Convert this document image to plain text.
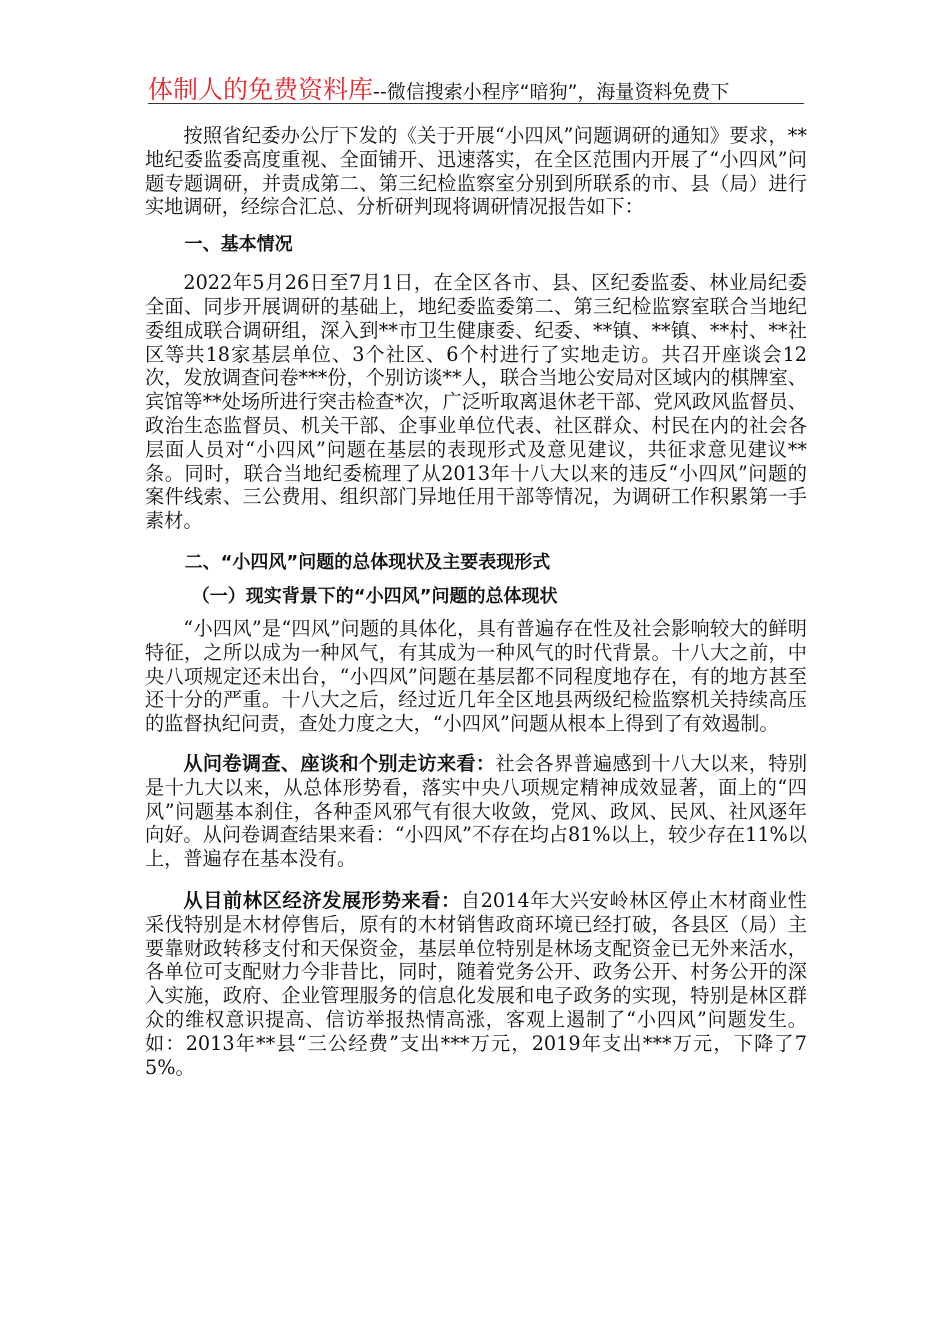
体制人的免费资料库--微信搜索小程序“暗狗”，海量资料免费下

按照省纪委办公厅下发的《关于开展“小四风”问题调研的通知》要求，**地纪委监委高度重视、全面铺开、迅速落实，在全区范围内开展了“小四风”问题专题调研，并责成第二、第三纪检监察室分别到所联系的市、县（局）进行实地调研，经综合汇总、分析研判现将调研情况报告如下：

一、基本情况

2022年5月26日至7月1日，在全区各市、县、区纪委监委、林业局纪委全面、同步开展调研的基础上，地纪委监委第二、第三纪检监察室联合当地纪委组成联合调研组，深入到**市卫生健康委、纪委、**镇、**镇、**村、**社区等共18家基层单位、3个社区、6个村进行了实地走访。共召开座谈会12次，发放调查问卷***份，个别访谈**人，联合当地公安局对区域内的棋牌室、宾馆等**处场所进行突击检查*次，广泛听取离退休老干部、党风政风监督员、政治生态监督员、机关干部、企事业单位代表、社区群众、村民在内的社会各层面人员对“小四风”问题在基层的表现形式及意见建议，共征求意见建议**条。同时，联合当地纪委梳理了从2013年十八大以来的违反“小四风”问题的案件线索、三公费用、组织部门异地任用干部等情况，为调研工作积累第一手素材。

二、“小四风”问题的总体现状及主要表现形式
（一）现实背景下的“小四风”问题的总体现状

“小四风”是“四风”问题的具体化，具有普遍存在性及社会影响较大的鲜明特征，之所以成为一种风气，有其成为一种风气的时代背景。十八大之前，中央八项规定还未出台，“小四风”问题在基层都不同程度地存在，有的地方甚至还十分的严重。十八大之后，经过近几年全区地县两级纪检监察机关持续高压的监督执纪问责，查处力度之大，“小四风”问题从根本上得到了有效遏制。

从问卷调查、座谈和个别走访来看：社会各界普遍感到十八大以来，特别是十九大以来，从总体形势看，落实中央八项规定精神成效显著，面上的“四风”问题基本刹住，各种歪风邪气有很大收敛，党风、政风、民风、社风逐年向好。从问卷调查结果来看：“小四风”不存在均占81%以上，较少存在11%以上，普遍存在基本没有。

从目前林区经济发展形势来看：自2014年大兴安岭林区停止木材商业性采伐特别是木材停售后，原有的木材销售政商环境已经打破，各县区（局）主要靠财政转移支付和天保资金，基层单位特别是林场支配资金已无外来活水，各单位可支配财力今非昔比，同时，随着党务公开、政务公开、村务公开的深入实施，政府、企业管理服务的信息化发展和电子政务的实现，特别是林区群众的维权意识提高、信访举报热情高涨，客观上遏制了“小四风”问题发生。如：2013年**县“三公经费”支出***万元，2019年支出***万元，下降了75%。
